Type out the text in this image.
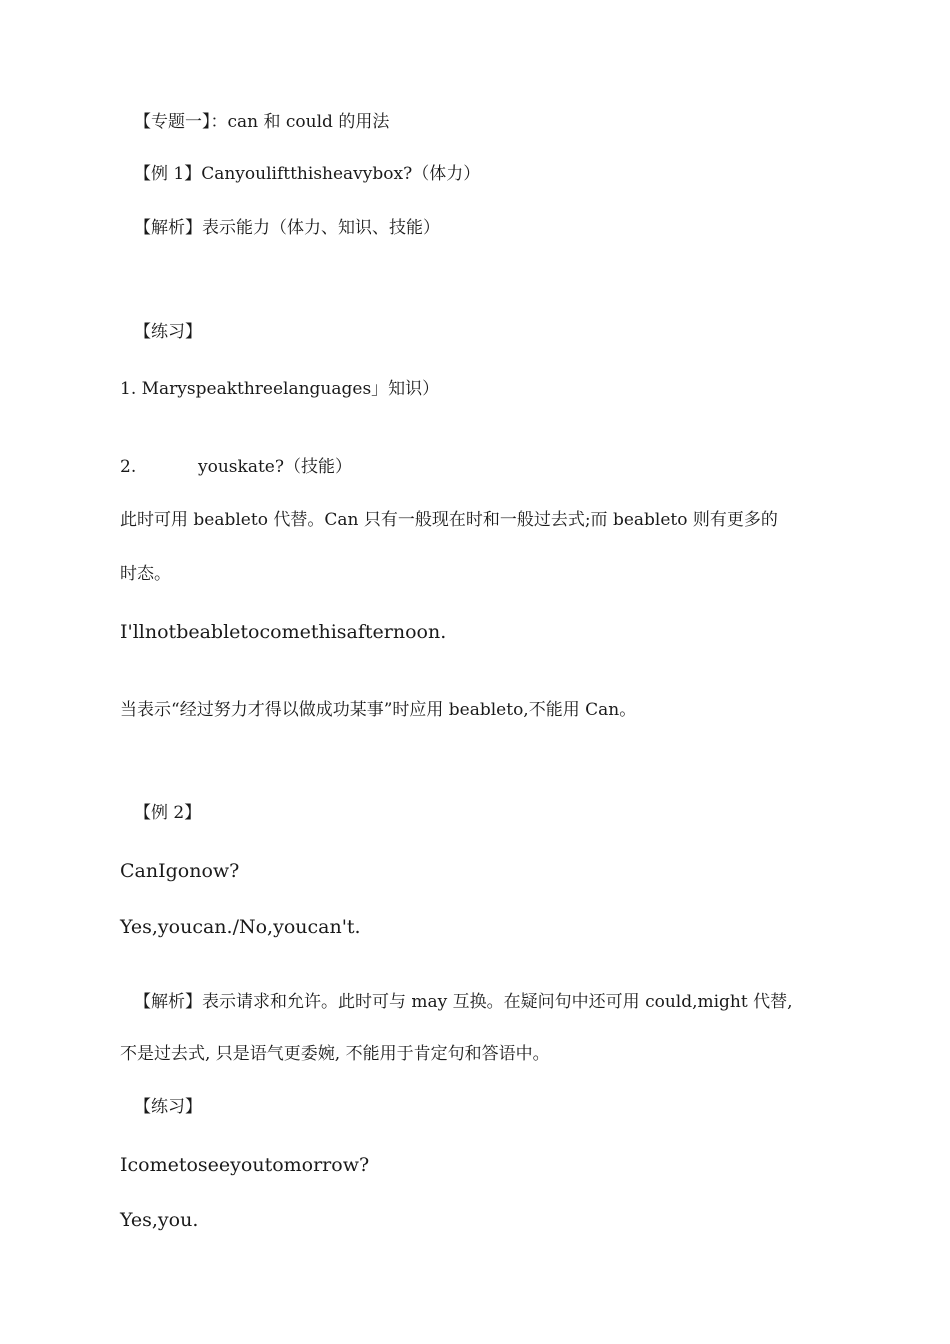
【专题一】：can 和 could 的用法
【例 1】Canyouliftthisheavybox?（体力）
【解析】表示能力（体力、知识、技能）
【练习】
1. Maryspeakthreelanguages」知识）
2.	youskate?（技能）
此时可用 beableto 代替。Can 只有一般现在时和一般过去式;而 beableto 则有更多的
时态。
I'llnotbeabletocomethisafternoon.
当表示“经过努力才得以做成功某事”时应用 beableto,不能用 Can。
【例 2】
CanIgonow?
Yes,youcan./No,youcan't.
【解析】表示请求和允许。此时可与 may 互换。在疑问句中还可用 could,might 代替,
不是过去式, 只是语气更委婉, 不能用于肯定句和答语中。
【练习】
Icometoseeyoutomorrow?
Yes,you.
